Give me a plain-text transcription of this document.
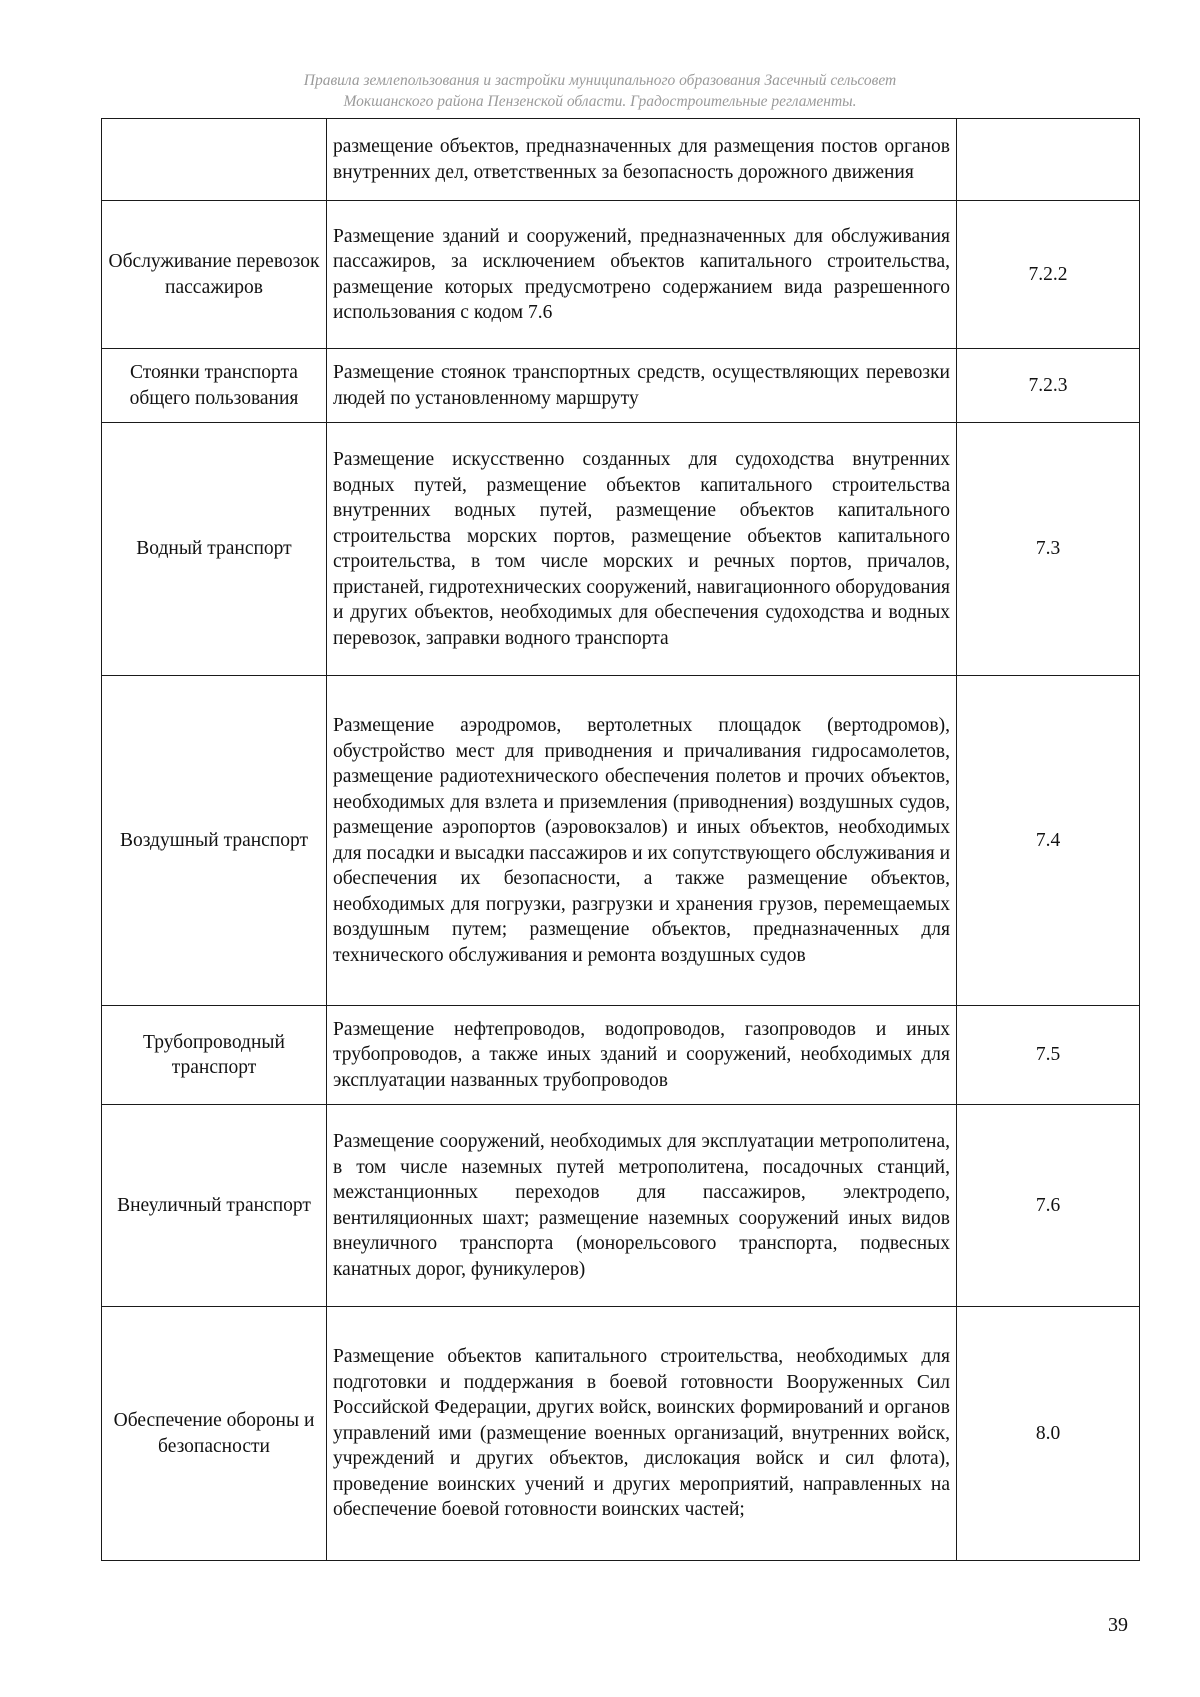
Правила землепользования и застройки муниципального образования Засечный сельсовет
Мокшанского района Пензенской области. Градостроительные регламенты.
	размещение объектов, предназначенных для размещения постов органов внутренних дел, ответственных за безопасность дорожного движения	
Обслуживание перевозок пассажиров	Размещение зданий и сооружений, предназначенных для обслуживания пассажиров, за исключением объектов капитального строительства, размещение которых предусмотрено содержанием вида разрешенного использования с кодом 7.6	7.2.2
Стоянки транспорта общего пользования	Размещение стоянок транспортных средств, осуществляющих перевозки людей по установленному маршруту	7.2.3
Водный транспорт	Размещение искусственно созданных для судоходства внутренних водных путей, размещение объектов капитального строительства внутренних водных путей, размещение объектов капитального строительства морских портов, размещение объектов капитального строительства, в том числе морских и речных портов, причалов, пристаней, гидротехнических сооружений, навигационного оборудования и других объектов, необходимых для обеспечения судоходства и водных перевозок, заправки водного транспорта	7.3
Воздушный транспорт	Размещение аэродромов, вертолетных площадок (вертодромов), обустройство мест для приводнения и причаливания гидросамолетов, размещение радиотехнического обеспечения полетов и прочих объектов, необходимых для взлета и приземления (приводнения) воздушных судов, размещение аэропортов (аэровокзалов) и иных объектов, необходимых для посадки и высадки пассажиров и их сопутствующего обслуживания и обеспечения их безопасности, а также размещение объектов, необходимых для погрузки, разгрузки и хранения грузов, перемещаемых воздушным путем; размещение объектов, предназначенных для технического обслуживания и ремонта воздушных судов	7.4
Трубопроводный транспорт	Размещение нефтепроводов, водопроводов, газопроводов и иных трубопроводов, а также иных зданий и сооружений, необходимых для эксплуатации названных трубопроводов	7.5
Внеуличный транспорт	Размещение сооружений, необходимых для эксплуатации метрополитена, в том числе наземных путей метрополитена, посадочных станций, межстанционных переходов для пассажиров, электродепо, вентиляционных шахт; размещение наземных сооружений иных видов внеуличного транспорта (монорельсового транспорта, подвесных канатных дорог, фуникулеров)	7.6
Обеспечение обороны и безопасности	Размещение объектов капитального строительства, необходимых для подготовки и поддержания в боевой готовности Вооруженных Сил Российской Федерации, других войск, воинских формирований и органов управлений ими (размещение военных организаций, внутренних войск, учреждений и других объектов, дислокация войск и сил флота), проведение воинских учений и других мероприятий, направленных на обеспечение боевой готовности воинских частей;	8.0
39
